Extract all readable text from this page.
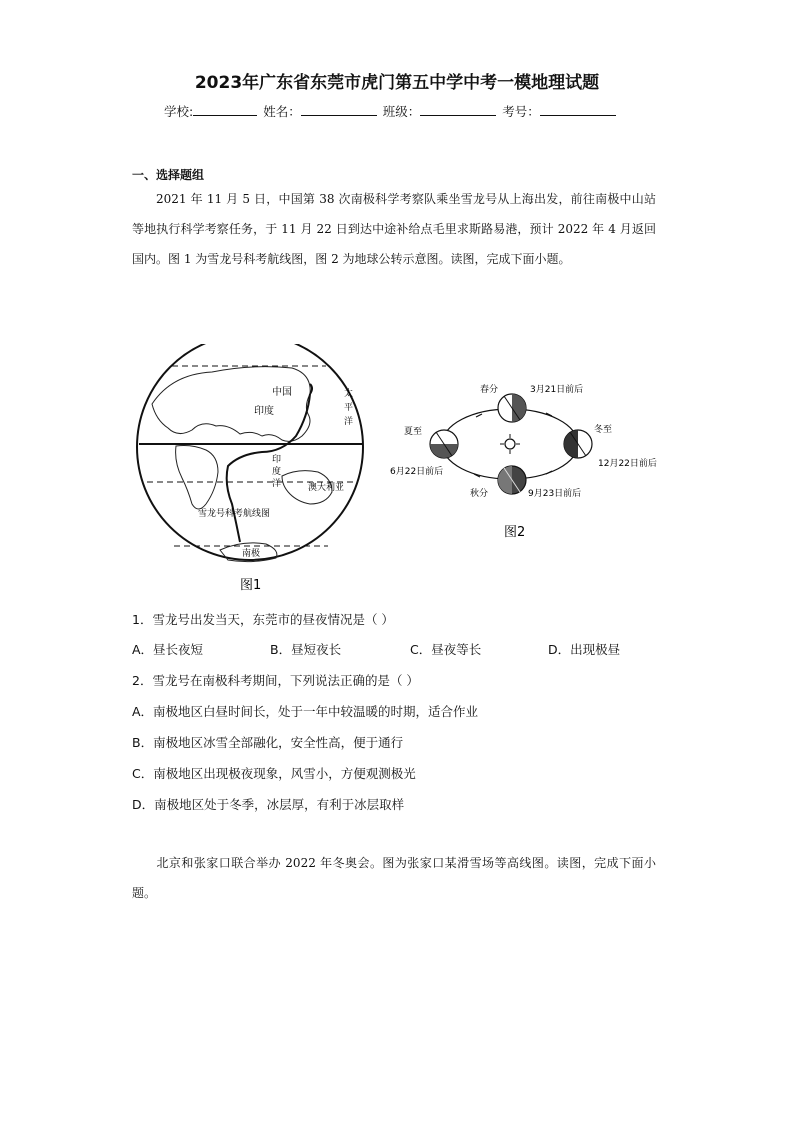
2023年广东省东莞市虎门第五中学中考一模地理试题
学校:	姓名：	班级：	考号：
一、选择题组
2021 年 11 月 5 日，中国第 38 次南极科学考察队乘坐雪龙号从上海出发，前往南极中山站等地执行科学考察任务，于 11 月 22 日到达中途补给点毛里求斯路易港，预计 2022 年 4 月返回国内。图 1 为雪龙号科考航线图，图 2 为地球公转示意图。读图，完成下面小题。
中国
印度
太
平
洋
印
度
洋	澳大利亚
雪龙号科考航线图
南极
图1
春分	3月21日前后
夏至
6月22日前后
秋分	9月23日前后
冬至
12月22日前后
图2
1．雪龙号出发当天，东莞市的昼夜情况是（ ）
A．昼长夜短	B．昼短夜长	C．昼夜等长	D．出现极昼
2．雪龙号在南极科考期间，下列说法正确的是（ ）
A．南极地区白昼时间长，处于一年中较温暖的时期，适合作业
B．南极地区冰雪全部融化，安全性高，便于通行
C．南极地区出现极夜现象，风雪小，方便观测极光
D．南极地区处于冬季，冰层厚，有利于冰层取样
北京和张家口联合举办 2022 年冬奥会。图为张家口某滑雪场等高线图。读图，完成下面小题。
